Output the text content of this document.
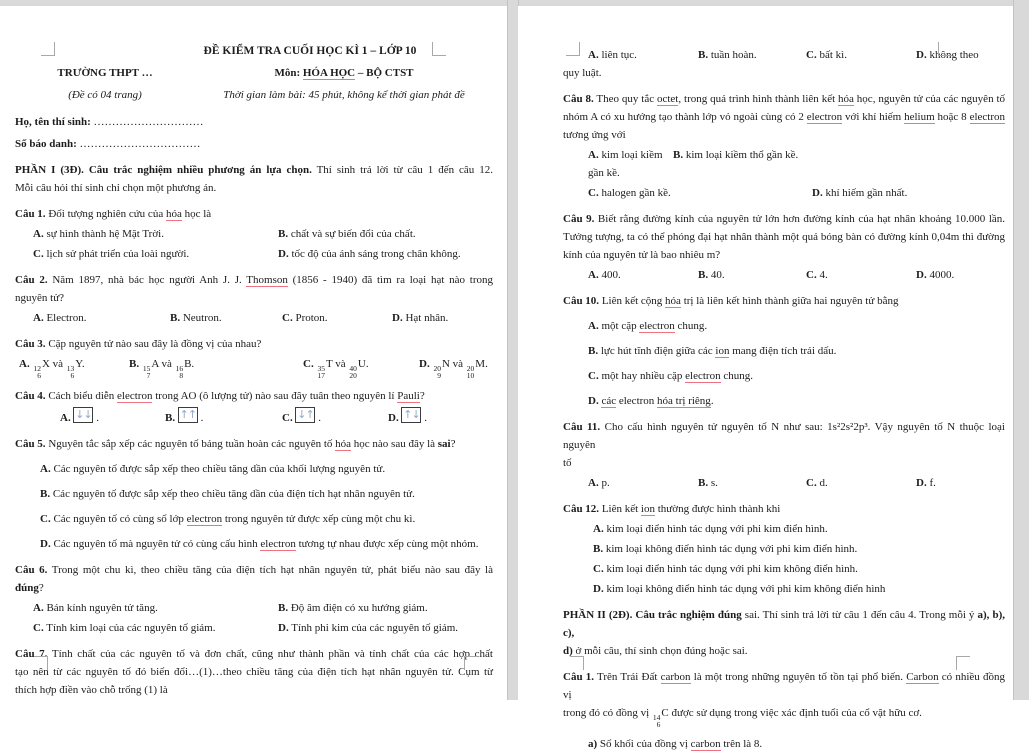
ĐỀ KIỂM TRA CUỐI HỌC KÌ 1 – LỚP 10
TRƯỜNG THPT …	Môn: HÓA HỌC – BỘ CTST
(Đề có 04 trang)	Thời gian làm bài: 45 phút, không kể thời gian phát đề
Họ, tên thí sinh: …………………………
Số báo danh: ……………………………
PHẦN I (3Đ). Câu trắc nghiệm nhiều phương án lựa chọn. Thí sinh trả lời từ câu 1 đến câu 12.
Mỗi câu hỏi thí sinh chỉ chọn một phương án.
Câu 1. Đối tượng nghiên cứu của hóa học là
A. sự hình thành hệ Mặt Trời.	B. chất và sự biến đổi của chất.
C. lịch sử phát triển của loài người.	D. tốc độ của ánh sáng trong chân không.
Câu 2. Năm 1897, nhà bác học người Anh J. J. Thomson (1856 - 1940) đã tìm ra loại hạt nào trong
nguyên tử?
A. Electron.	B. Neutron.	C. Proton.	D. Hạt nhân.
Câu 3. Cặp nguyên tử nào sau đây là đồng vị của nhau?
A. 12
6
X và 13
6
Y.	B. 15
7
A và 16
8
B.	C. 35
17
T và 40
20
U.	D. 20
9
N và 20
10
M.
Câu 4. Cách biểu diễn electron trong AO (ô lượng tử) nào sau đây tuân theo nguyên lí Pauli?
A. ↓↓ .	B. ↑↑ .	C. ↓↑ .	D. ↑↓ .
Câu 5. Nguyên tắc sắp xếp các nguyên tố bảng tuần hoàn các nguyên tố hóa học nào sau đây là sai?
A. Các nguyên tố được sắp xếp theo chiều tăng dần của khối lượng nguyên tử.
B. Các nguyên tố được sắp xếp theo chiều tăng dần của điện tích hạt nhân nguyên tử.
C. Các nguyên tố có cùng số lớp electron trong nguyên tử được xếp cùng một chu kì.
D. Các nguyên tố mà nguyên tử có cùng cấu hình electron tương tự nhau được xếp cùng một nhóm.
Câu 6. Trong một chu kì, theo chiều tăng của điện tích hạt nhân nguyên tử, phát biểu nào sau đây là
đúng?
A. Bán kính nguyên tử tăng.	B. Độ âm điện có xu hướng giảm.
C. Tính kim loại của các nguyên tố giảm.	D. Tính phi kim của các nguyên tố giảm.
Câu 7. Tính chất của các nguyên tố và đơn chất, cũng như thành phần và tính chất của các hợp chất
tạo nên từ các nguyên tố đó biến đổi…(1)…theo chiều tăng của điện tích hạt nhân nguyên tử. Cụm từ
thích hợp điền vào chỗ trống (1) là
A. liên tục.	B. tuần hoàn.	C. bất kì.	D. không theo
quy luật.
Câu 8. Theo quy tắc octet, trong quá trình hình thành liên kết hóa học, nguyên tử của các nguyên tố
nhóm A có xu hướng tạo thành lớp vỏ ngoài cùng có 2 electron với khí hiếm helium hoặc 8 electron
tương ứng với
A. kim loại kiềm gần kề.
B. kim loại kiềm thổ gần kề.
C. halogen gần kề.	D. khí hiếm gần nhất.
Câu 9. Biết rằng đường kính của nguyên tử lớn hơn đường kính của hạt nhân khoảng 10.000 lần.
Tưởng tượng, ta có thể phóng đại hạt nhân thành một quả bóng bàn có đường kính 0,04m thì đường
kính của nguyên tử là bao nhiêu m?
A. 400.	B. 40.	C. 4.	D. 4000.
Câu 10. Liên kết cộng hóa trị là liên kết hình thành giữa hai nguyên tử bằng
A. một cặp electron chung.
B. lực hút tĩnh điện giữa các ion mang điện tích trái dấu.
C. một hay nhiều cặp electron chung.
D. các electron hóa trị riêng.
Câu 11. Cho cấu hình nguyên tử nguyên tố N như sau: 1s²2s²2p³. Vậy nguyên tố N thuộc loại nguyên
tố
A. p.	B. s.	C. d.	D. f.
Câu 12. Liên kết ion thường được hình thành khi
A. kim loại điển hình tác dụng với phi kim điển hình.
B. kim loại không điển hình tác dụng với phi kim điển hình.
C. kim loại điển hình tác dụng với phi kim không điển hình.
D. kim loại không điển hình tác dụng với phi kim không điển hình
PHẦN II (2Đ). Câu trắc nghiệm đúng sai. Thí sinh trả lời từ câu 1 đến câu 4. Trong mỗi ý a), b), c),
d) ở mỗi câu, thí sinh chọn đúng hoặc sai.
Câu 1. Trên Trái Đất carbon là một trong những nguyên tố tồn tại phổ biến. Carbon có nhiều đồng vị
trong đó có đồng vị 14
6
C được sử dụng trong việc xác định tuổi của cổ vật hữu cơ.
a) Số khối của đồng vị carbon trên là 8.
